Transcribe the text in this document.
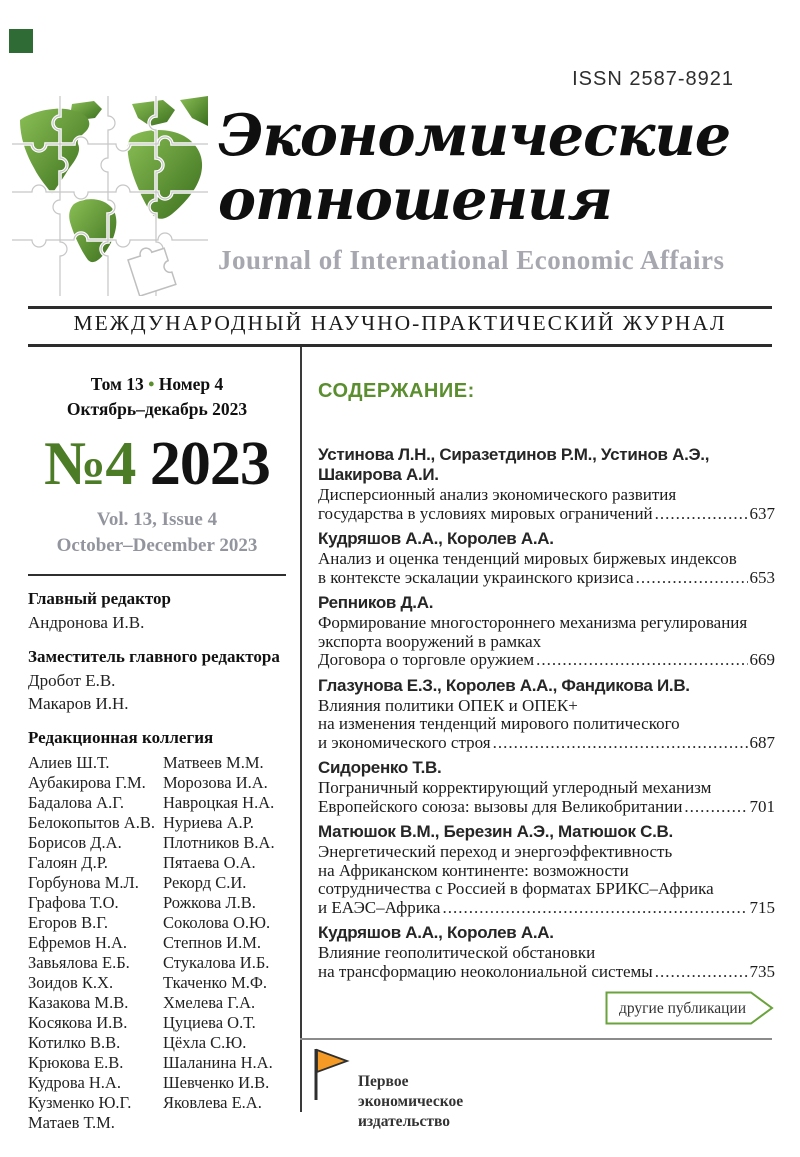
ISSN 2587-8921
Экономические
отношения
Journal of International Economic Affairs
МЕЖДУНАРОДНЫЙ НАУЧНО-ПРАКТИЧЕСКИЙ ЖУРНАЛ
Том 13 • Номер 4
Октябрь–декабрь 2023
№4 2023
Vol. 13, Issue 4
October–December 2023
Главный редактор
Андронова И.В.
Заместитель главного редактора
Дробот Е.В.
Макаров И.Н.
Редакционная коллегия
Алиев Ш.Т.	Матвеев М.М.
Аубакирова Г.М.	Морозова И.А.
Бадалова А.Г.	Навроцкая Н.А.
Белокопытов А.В. Нуриева А.Р.
Борисов Д.А.	Плотников В.А.
Галоян Д.Р.	Пятаева О.А.
Горбунова М.Л.	Рекорд С.И.
Графова Т.О.	Рожкова Л.В.
Егоров В.Г.	Соколова О.Ю.
Ефремов Н.А.	Степнов И.М.
Завьялова Е.Б.	Стукалова И.Б.
Зоидов К.Х.	Ткаченко М.Ф.
Казакова М.В.	Хмелева Г.А.
Косякова И.В.	Цуциева О.Т.
Котилко В.В.	Цёхла С.Ю.
Крюкова Е.В.	Шаланина Н.А.
Кудрова Н.А.	Шевченко И.В.
Кузменко Ю.Г.	Яковлева Е.А.
Матаев Т.М.
СОДЕРЖАНИЕ:
Устинова Л.Н., Сиразетдинов Р.М., Устинов А.Э., Шакирова А.И.
Дисперсионный анализ экономического развития
государства в условиях мировых ограничений .....	637
Кудряшов А.А., Королев А.А.
Анализ и оценка тенденций мировых биржевых индексов
в контексте эскалации украинского кризиса .....	653
Репников Д.А.
Формирование многостороннего механизма регулирования
экспорта вооружений в рамках
Договора о торговле оружием .....	669
Глазунова Е.З., Королев А.А., Фандикова И.В.
Влияния политики ОПЕК и ОПЕК+
на изменения тенденций мирового политического
и экономического строя .....	687
Сидоренко Т.В.
Пограничный корректирующий углеродный механизм
Европейского союза: вызовы для Великобритании .....	701
Матюшок В.М., Березин А.Э., Матюшок С.В.
Энергетический переход и энергоэффективность
на Африканском континенте: возможности
сотрудничества с Россией в форматах БРИКС–Африка
и ЕАЭС–Африка .....	715
Кудряшов А.А., Королев А.А.
Влияние геополитической обстановки
на трансформацию неоколониальной системы .....	735
другие публикации
Первое
экономическое
издательство
